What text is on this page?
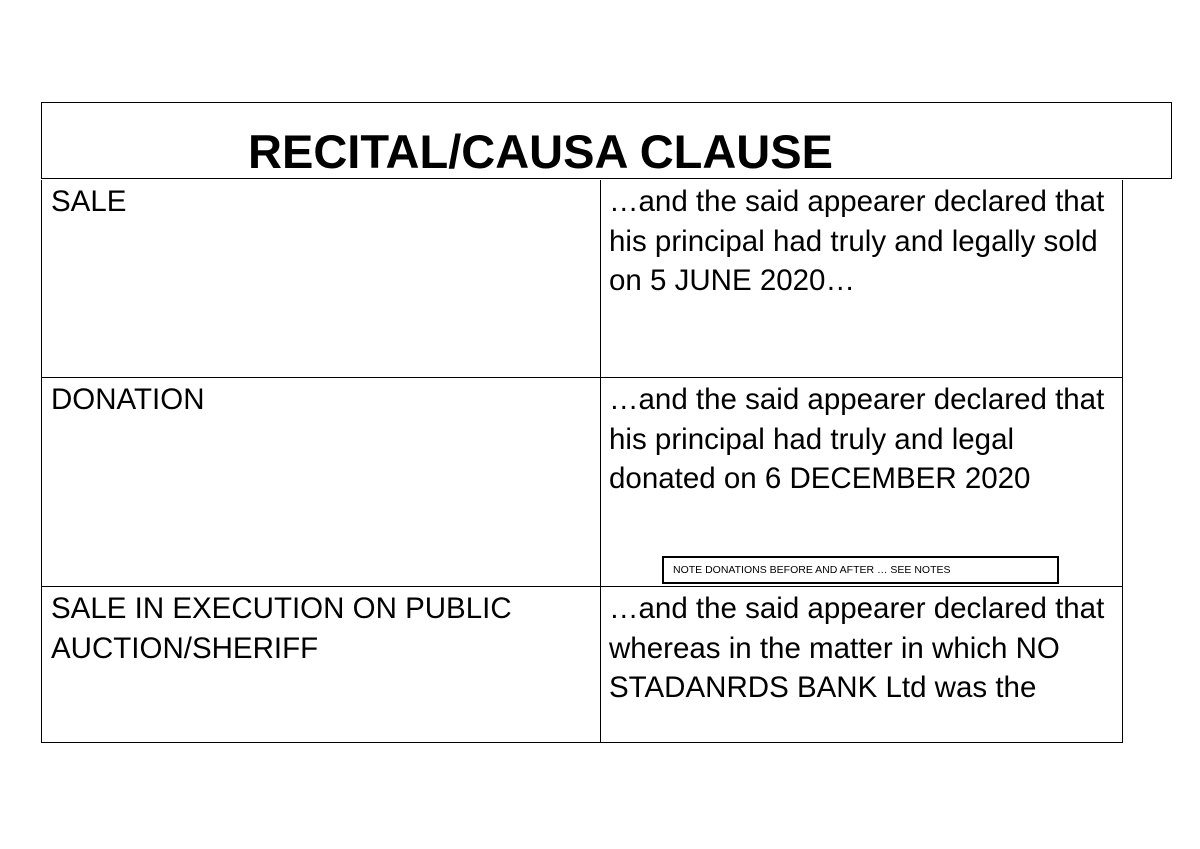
RECITAL/CAUSA CLAUSE
SALE	…and the said appearer declared that his principal had truly and legally sold on 5 JUNE 2020…
DONATION	…and the said appearer declared that his principal had truly and legal donated on 6 DECEMBER 2020
SALE IN EXECUTION ON PUBLIC AUCTION/SHERIFF
…and the said appearer declared that whereas in the matter in which NO STADANRDS BANK Ltd was the
NOTE DONATIONS BEFORE AND AFTER … SEE NOTES
